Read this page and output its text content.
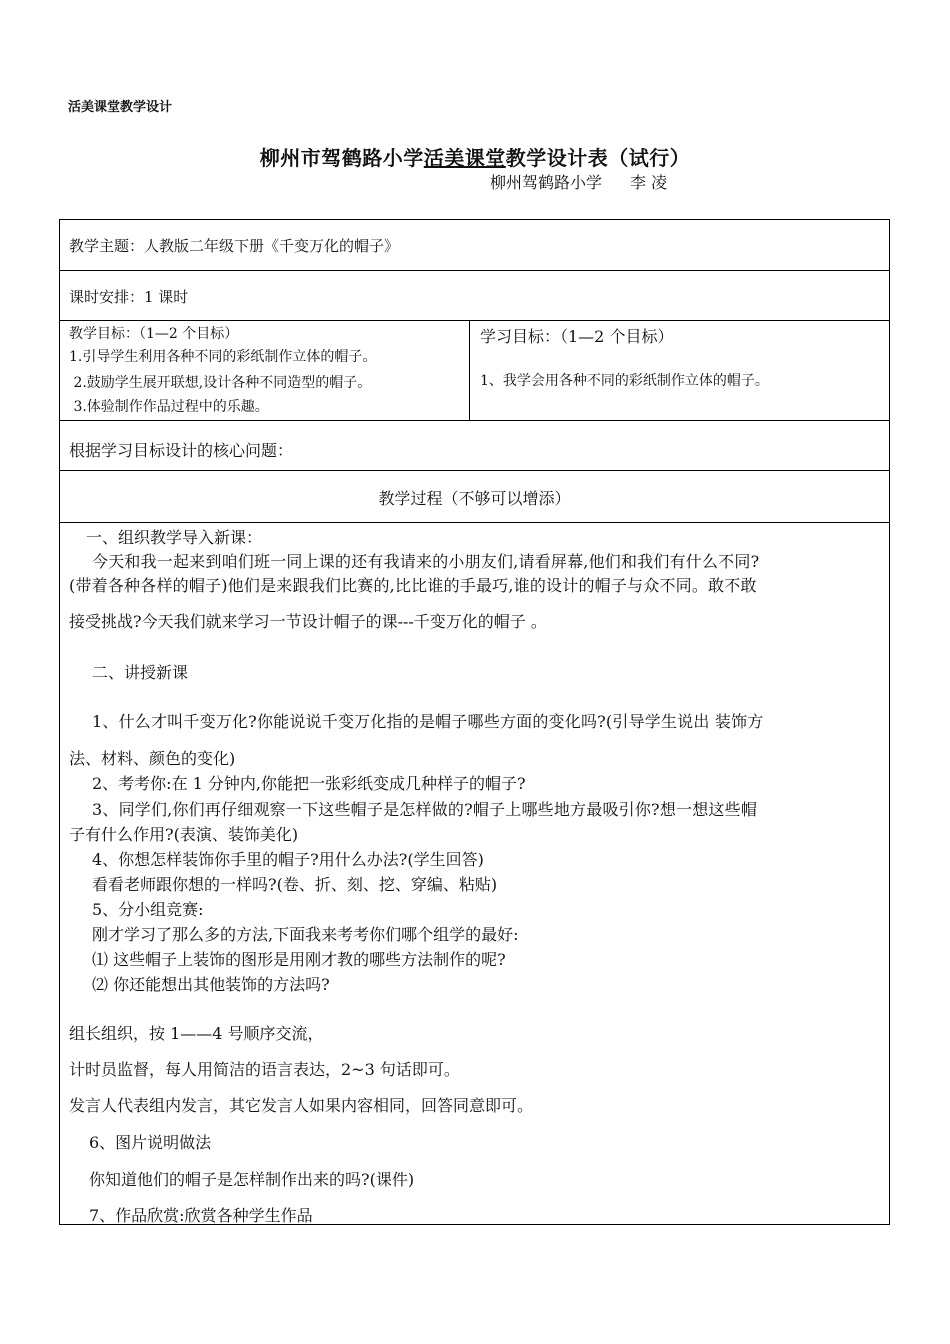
活美课堂教学设计
柳州市驾鹤路小学活美课堂教学设计表（试行）
柳州驾鹤路小学 李 凌
教学主题：人教版二年级下册《千变万化的帽子》
课时安排：1 课时
教学目标：（1—2 个目标）
1.引导学生利用各种不同的彩纸制作立体的帽子。
2.鼓励学生展开联想,设计各种不同造型的帽子。
3.体验制作作品过程中的乐趣。
学习目标：（1—2 个目标）
1、我学会用各种不同的彩纸制作立体的帽子。
根据学习目标设计的核心问题：
教学过程（不够可以增添）
一、组织教学导入新课：
今天和我一起来到咱们班一同上课的还有我请来的小朋友们,请看屏幕,他们和我们有什么不同?
(带着各种各样的帽子)他们是来跟我们比赛的,比比谁的手最巧,谁的设计的帽子与众不同。敢不敢
接受挑战?今天我们就来学习一节设计帽子的课---千变万化的帽子 。
二、讲授新课
1、什么才叫千变万化?你能说说千变万化指的是帽子哪些方面的变化吗?(引导学生说出 装饰方
法、材料、颜色的变化)
2、考考你:在 1 分钟内,你能把一张彩纸变成几种样子的帽子?
3、同学们,你们再仔细观察一下这些帽子是怎样做的?帽子上哪些地方最吸引你?想一想这些帽
子有什么作用?(表演、装饰美化)
4、你想怎样装饰你手里的帽子?用什么办法?(学生回答)
看看老师跟你想的一样吗?(卷、折、刻、挖、穿编、粘贴)
5、分小组竞赛:
刚才学习了那么多的方法,下面我来考考你们哪个组学的最好:
⑴ 这些帽子上装饰的图形是用刚才教的哪些方法制作的呢?
⑵ 你还能想出其他装饰的方法吗?
组长组织，按 1——4 号顺序交流，
计时员监督，每人用简洁的语言表达，2~3 句话即可。
发言人代表组内发言，其它发言人如果内容相同，回答同意即可。
6、图片说明做法
你知道他们的帽子是怎样制作出来的吗?(课件)
7、作品欣赏:欣赏各种学生作品
